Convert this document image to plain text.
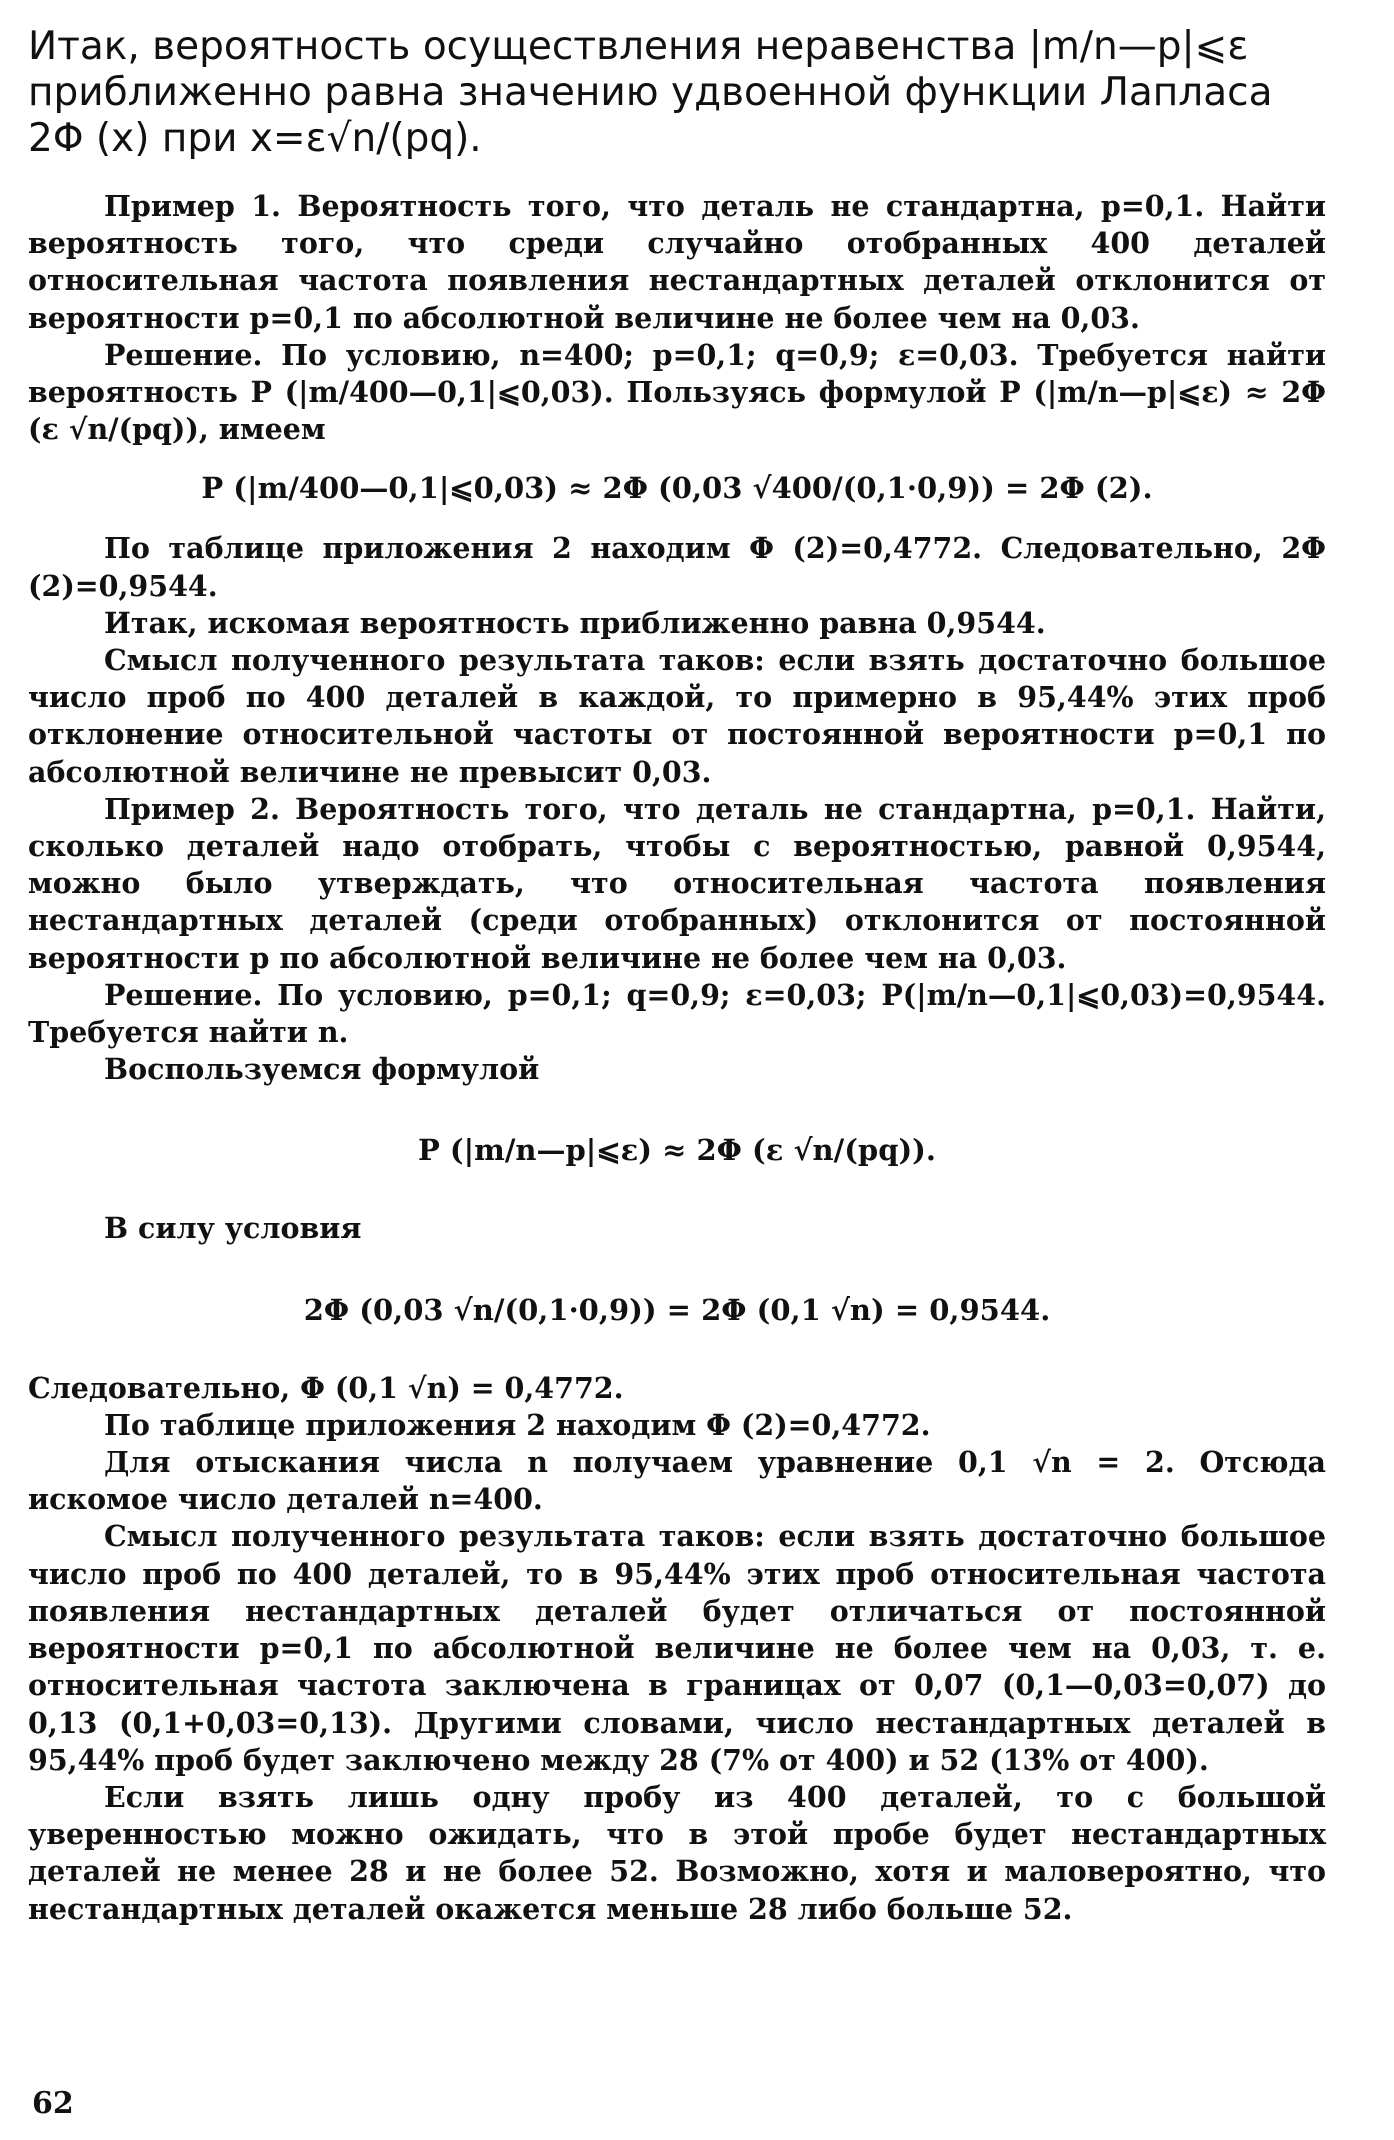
Итак, вероятность осуществления неравенства |m/n—p|⩽ε
приближенно равна значению удвоенной функции Лапласа
2Φ (x) при x=ε√n/(pq).

Пример 1. Вероятность того, что деталь не стандартна, p=0,1. Найти вероятность того, что среди случайно отобранных 400 деталей относительная частота появления нестандартных деталей отклонится от вероятности p=0,1 по абсолютной величине не более чем на 0,03.

Решение. По условию, n=400; p=0,1; q=0,9; ε=0,03. Требуется найти вероятность P (|m/400—0,1|⩽0,03). Пользуясь формулой P (|m/n—p|⩽ε) ≈ 2Φ (ε √n/(pq)), имеем

P (|m/400—0,1|⩽0,03) ≈ 2Φ (0,03 √400/(0,1·0,9)) = 2Φ (2).

По таблице приложения 2 находим Φ (2)=0,4772. Следовательно, 2Φ (2)=0,9544.

Итак, искомая вероятность приближенно равна 0,9544.

Смысл полученного результата таков: если взять достаточно большое число проб по 400 деталей в каждой, то примерно в 95,44% этих проб отклонение относительной частоты от постоянной вероятности p=0,1 по абсолютной величине не превысит 0,03.

Пример 2. Вероятность того, что деталь не стандартна, p=0,1. Найти, сколько деталей надо отобрать, чтобы с вероятностью, равной 0,9544, можно было утверждать, что относительная частота появления нестандартных деталей (среди отобранных) отклонится от постоянной вероятности p по абсолютной величине не более чем на 0,03.

Решение. По условию, p=0,1; q=0,9; ε=0,03; P(|m/n—0,1|⩽0,03)=0,9544. Требуется найти n.

Воспользуемся формулой

P (|m/n—p|⩽ε) ≈ 2Φ (ε √n/(pq)).

В силу условия

2Φ (0,03 √n/(0,1·0,9)) = 2Φ (0,1 √n) = 0,9544.

Следовательно, Φ (0,1 √n) = 0,4772.

По таблице приложения 2 находим Φ (2)=0,4772.

Для отыскания числа n получаем уравнение 0,1 √n = 2. Отсюда искомое число деталей n=400.

Смысл полученного результата таков: если взять достаточно большое число проб по 400 деталей, то в 95,44% этих проб относительная частота появления нестандартных деталей будет отличаться от постоянной вероятности p=0,1 по абсолютной величине не более чем на 0,03, т. е. относительная частота заключена в границах от 0,07 (0,1—0,03=0,07) до 0,13 (0,1+0,03=0,13). Другими словами, число нестандартных деталей в 95,44% проб будет заключено между 28 (7% от 400) и 52 (13% от 400).

Если взять лишь одну пробу из 400 деталей, то с большой уверенностью можно ожидать, что в этой пробе будет нестандартных деталей не менее 28 и не более 52. Возможно, хотя и маловероятно, что нестандартных деталей окажется меньше 28 либо больше 52.

62
